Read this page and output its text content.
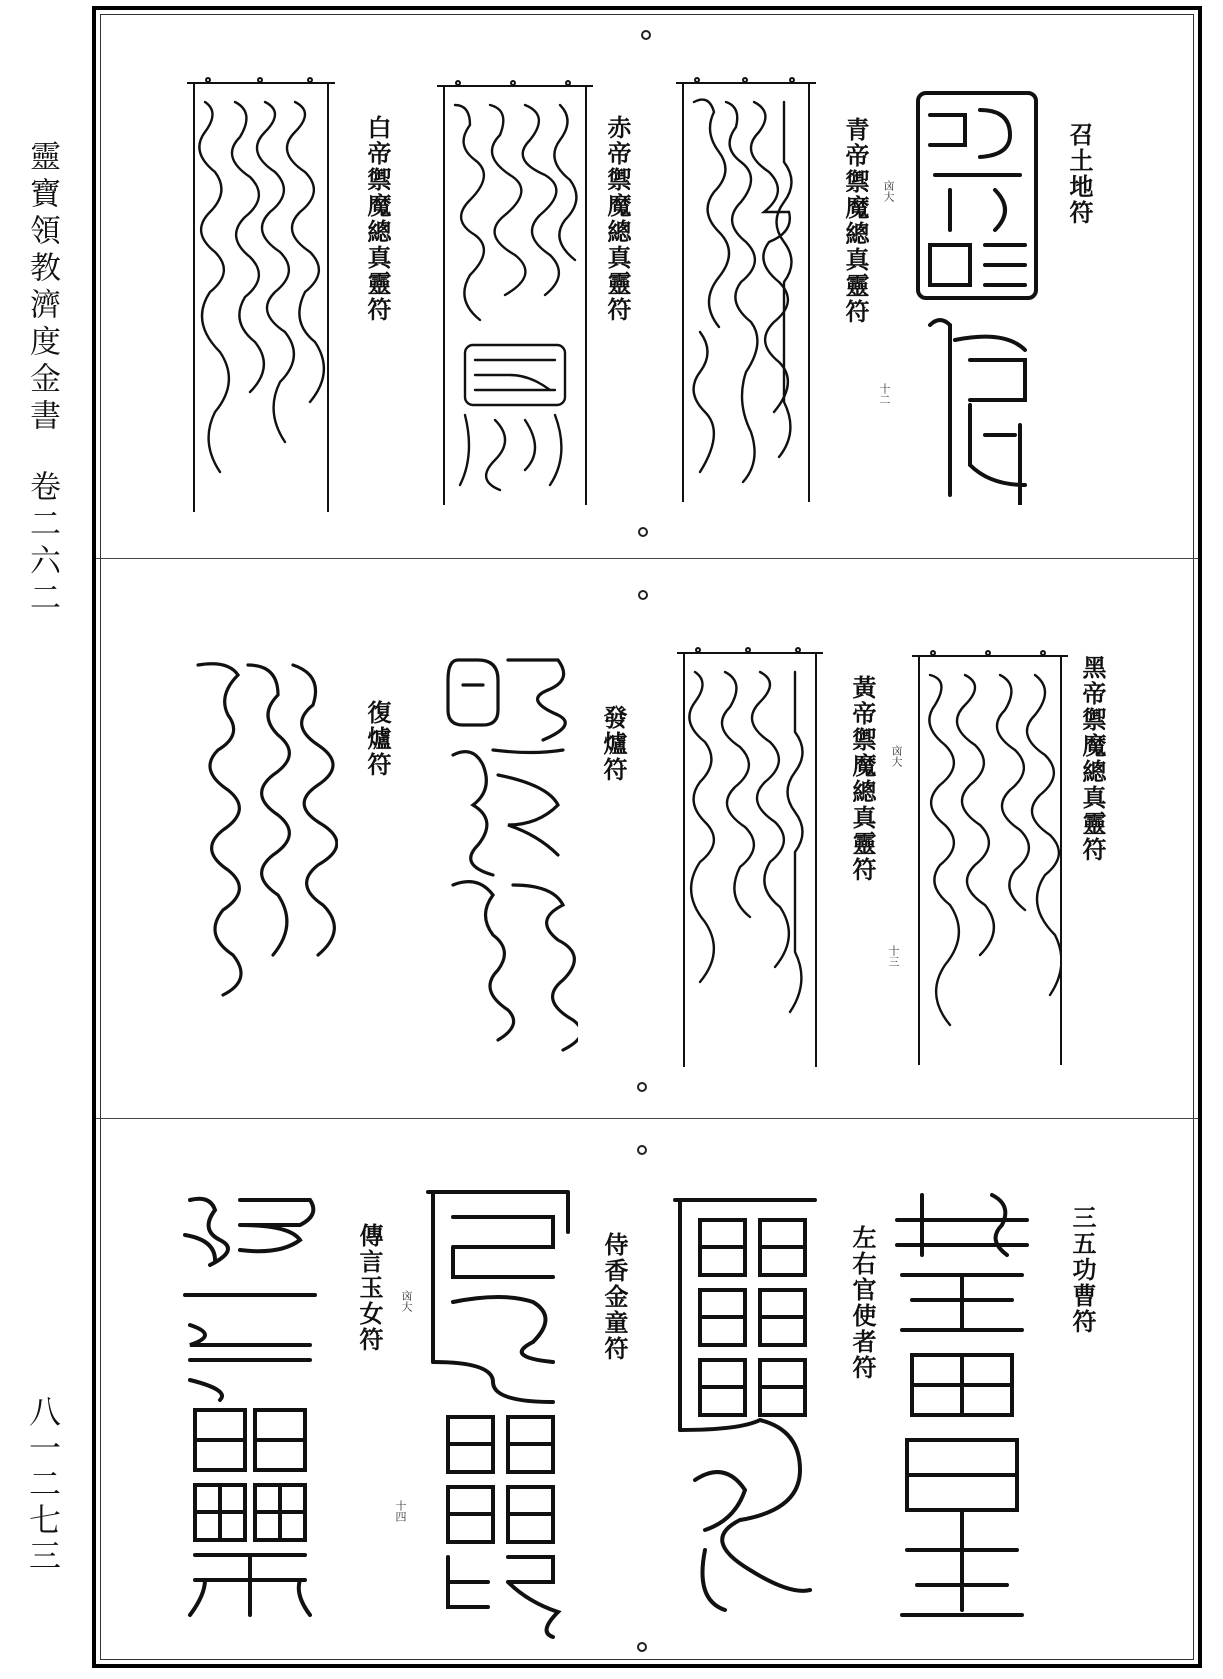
靈寶領教濟度金書卷二六二
八一二七三
召土地符
青帝禦魔總真靈符 㐫大
十二
赤帝禦魔總真靈符
白帝禦魔總真靈符
黑帝禦魔總真靈符
黃帝禦魔總真靈符 㐫大
十三
發爐符
復爐符
三五功曹符
左右官使者符
侍香金童符
傳言玉女符 㐫大
十四
